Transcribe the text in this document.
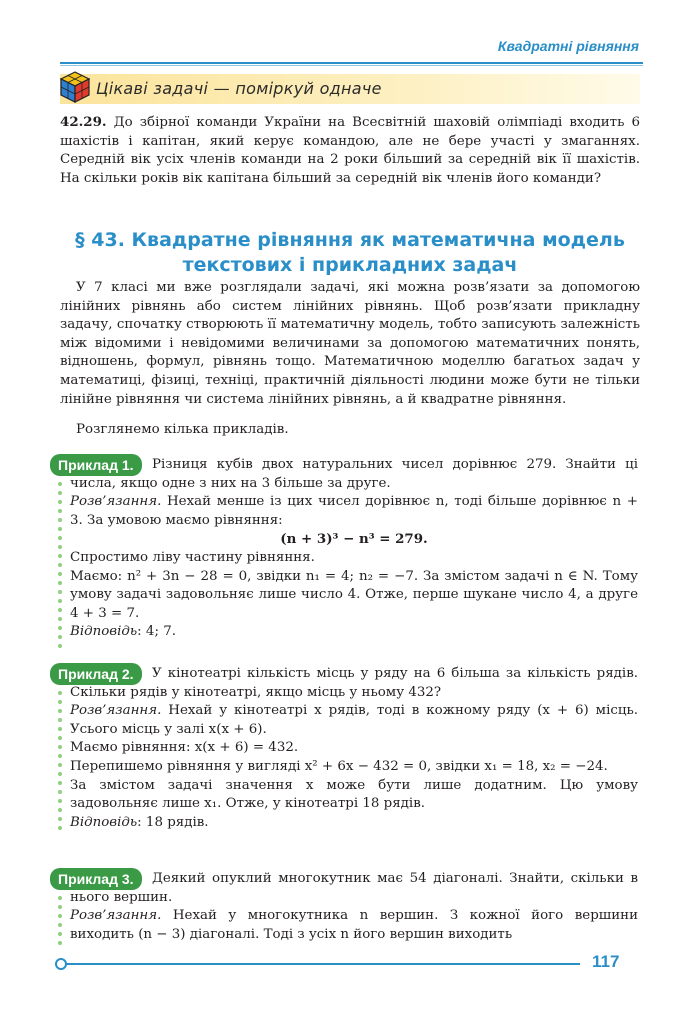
Квадратні рівняння
Цікаві задачі — поміркуй одначе

42.29. До збірної команди України на Всесвітній шаховій олімпіаді входить 6 шахістів і капітан, який керує командою, але не бере участі у змаганнях. Середній вік усіх членів команди на 2 роки більший за середній вік її шахістів. На скільки років вік капітана більший за середній вік членів його команди?

§ 43. Квадратне рівняння як математична модель
текстових і прикладних задач

У 7 класі ми вже розглядали задачі, які можна розв’язати за допомогою лінійних рівнянь або систем лінійних рівнянь. Щоб розв’язати прикладну задачу, спочатку створюють її математичну модель, тобто записують залежність між відомими і невідомими величинами за допомогою математичних понять, відношень, формул, рівнянь тощо. Математичною моделлю багатьох задач у математиці, фізиці, техніці, практичній діяльності людини може бути не тільки лінійне рівняння чи система лінійних рівнянь, а й квадратне рівняння.

Розглянемо кілька прикладів.

Приклад 1.	Різниця кубів двох натуральних чисел дорівнює 279. Знайти ці числа, якщо одне з них на 3 більше за друге.

Розв’язання. Нехай менше із цих чисел дорівнює n, тоді більше дорівнює n + 3. За умовою маємо рівняння:

(n + 3)³ − n³ = 279.

Спростимо ліву частину рівняння.

Маємо: n² + 3n − 28 = 0, звідки n₁ = 4; n₂ = −7. За змістом задачі n ∈ N. Тому умову задачі задовольняє лише число 4. Отже, перше шукане число 4, а друге 4 + 3 = 7.

Відповідь: 4; 7.

Приклад 2.	У кінотеатрі кількість місць у ряду на 6 більша за кількість рядів. Скільки рядів у кінотеатрі, якщо місць у ньому 432?

Розв’язання. Нехай у кінотеатрі x рядів, тоді в кожному ряду (x + 6) місць. Усього місць у залі x(x + 6).

Маємо рівняння: x(x + 6) = 432.

Перепишемо рівняння у вигляді x² + 6x − 432 = 0, звідки x₁ = 18, x₂ = −24.

За змістом задачі значення x може бути лише додатним. Цю умову задовольняє лише x₁. Отже, у кінотеатрі 18 рядів.

Відповідь: 18 рядів.

Приклад 3.	Деякий опуклий многокутник має 54 діагоналі. Знайти, скільки в нього вершин.

Розв’язання. Нехай у многокутника n вершин. З кожної його вершини виходить (n − 3) діагоналі. Тоді з усіх n його вершин виходить

117
